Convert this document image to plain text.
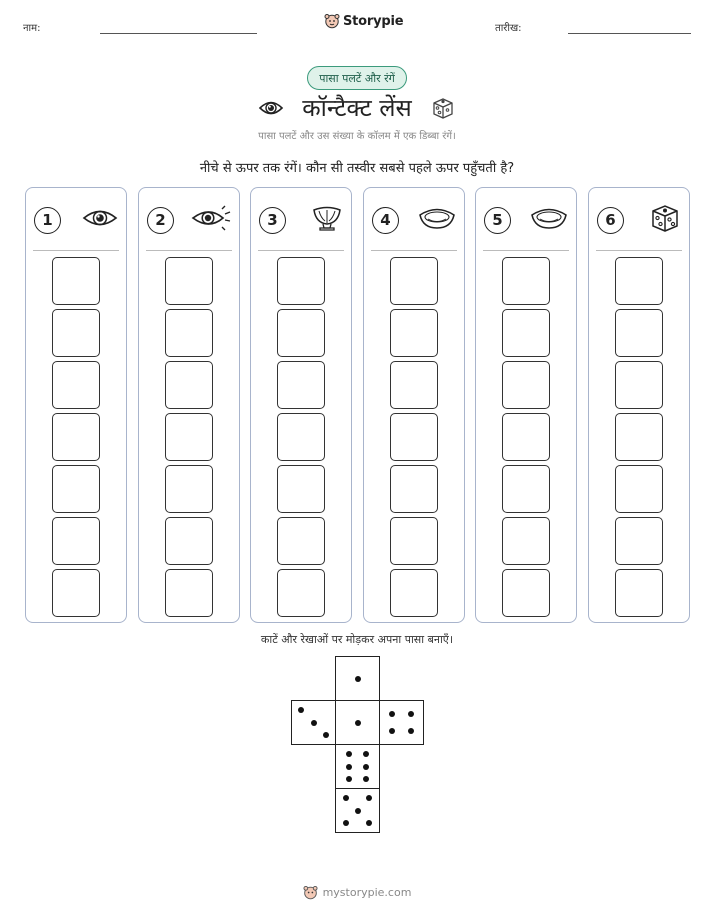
नाम:	Storypie	तारीख:
पासा पलटें और रंगें
कॉन्टैक्ट लेंस
पासा पलटें और उस संख्या के कॉलम में एक डिब्बा रंगें।
नीचे से ऊपर तक रंगें। कौन सी तस्वीर सबसे पहले ऊपर पहुँचती है?
1	2	3	4	5	6
काटें और रेखाओं पर मोड़कर अपना पासा बनाएँ।
mystorypie.com
